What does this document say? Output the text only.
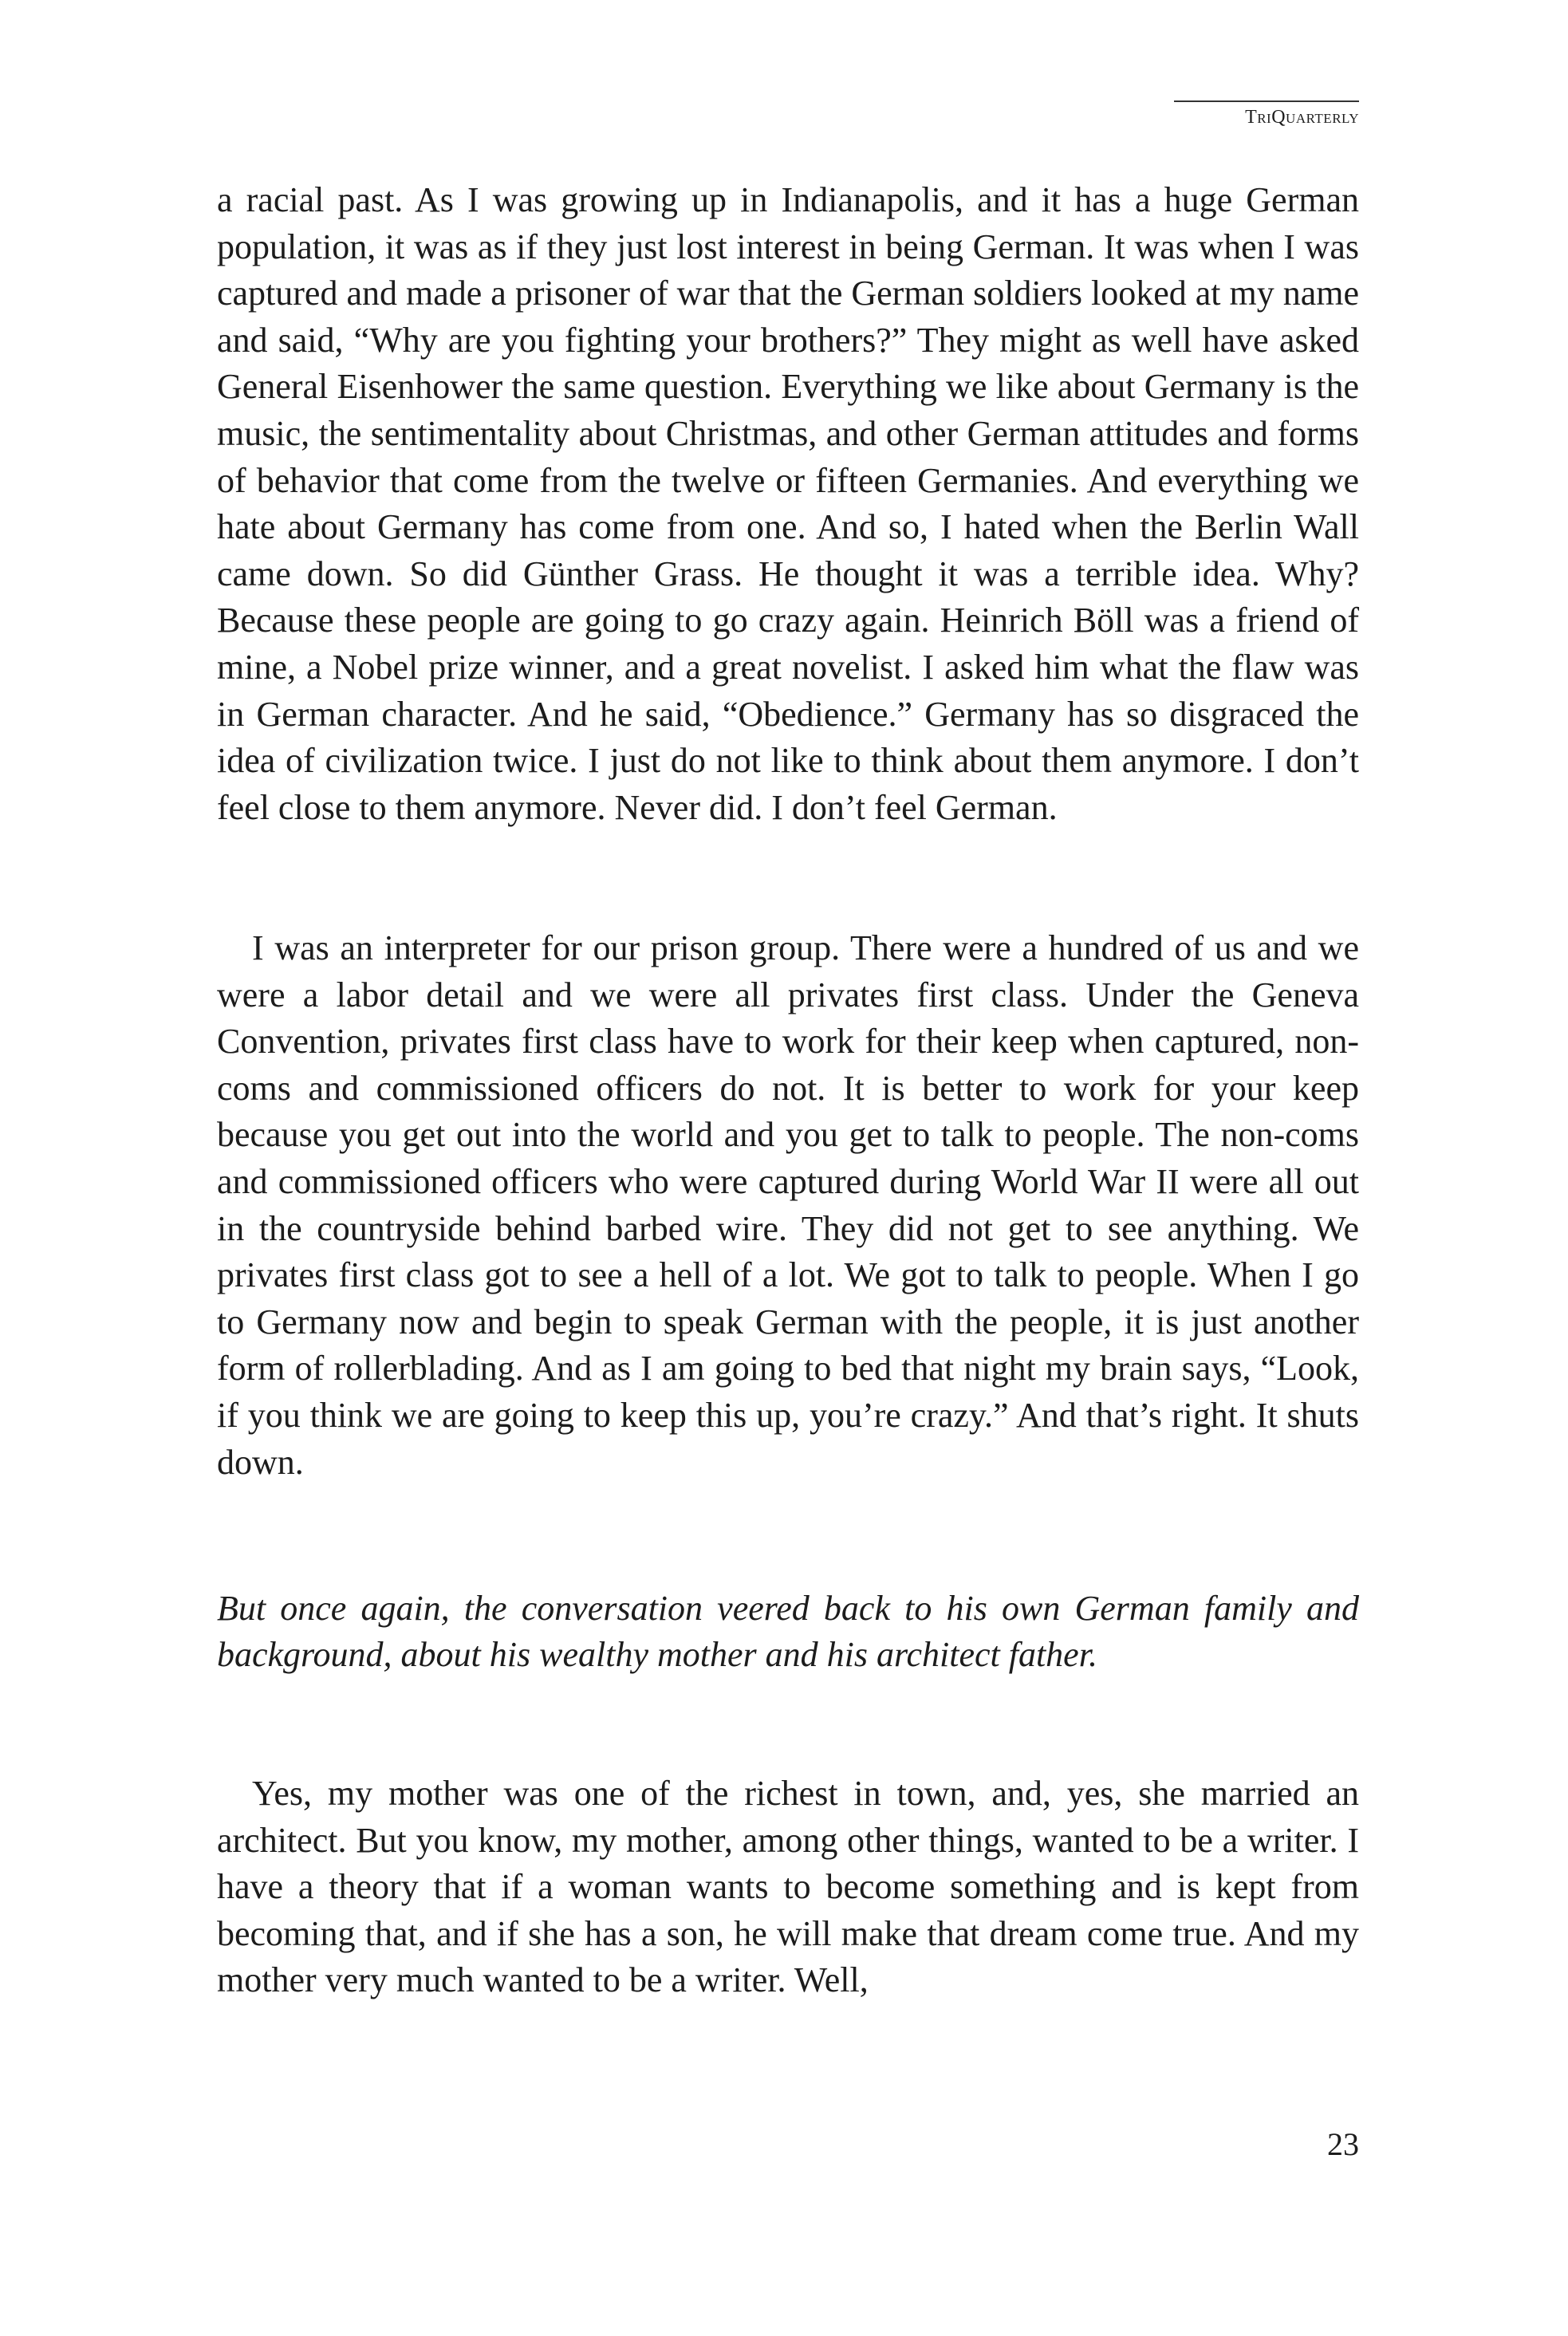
TriQuarterly

a racial past. As I was growing up in Indianapolis, and it has a huge German population, it was as if they just lost interest in being German. It was when I was captured and made a prisoner of war that the German soldiers looked at my name and said, “Why are you fighting your brothers?” They might as well have asked General Eisenhower the same question. Everything we like about Germany is the music, the sentimentality about Christmas, and other German attitudes and forms of behavior that come from the twelve or fifteen Germanies. And everything we hate about Germany has come from one. And so, I hated when the Berlin Wall came down. So did Günther Grass. He thought it was a terrible idea. Why? Because these people are going to go crazy again. Heinrich Böll was a friend of mine, a Nobel prize winner, and a great novelist. I asked him what the flaw was in German character. And he said, “Obedience.” Germany has so disgraced the idea of civilization twice. I just do not like to think about them anymore. I don’t feel close to them anymore. Never did. I don’t feel German.

I was an interpreter for our prison group. There were a hundred of us and we were a labor detail and we were all privates first class. Under the Geneva Convention, privates first class have to work for their keep when captured, non-coms and commissioned officers do not. It is better to work for your keep because you get out into the world and you get to talk to people. The non-coms and commissioned officers who were captured during World War II were all out in the countryside behind barbed wire. They did not get to see anything. We privates first class got to see a hell of a lot. We got to talk to people. When I go to Germany now and begin to speak German with the people, it is just another form of rollerblading. And as I am going to bed that night my brain says, “Look, if you think we are going to keep this up, you’re crazy.” And that’s right. It shuts down.

But once again, the conversation veered back to his own German family and background, about his wealthy mother and his architect father.

Yes, my mother was one of the richest in town, and, yes, she married an architect. But you know, my mother, among other things, wanted to be a writer. I have a theory that if a woman wants to become something and is kept from becoming that, and if she has a son, he will make that dream come true. And my mother very much wanted to be a writer. Well,

23
